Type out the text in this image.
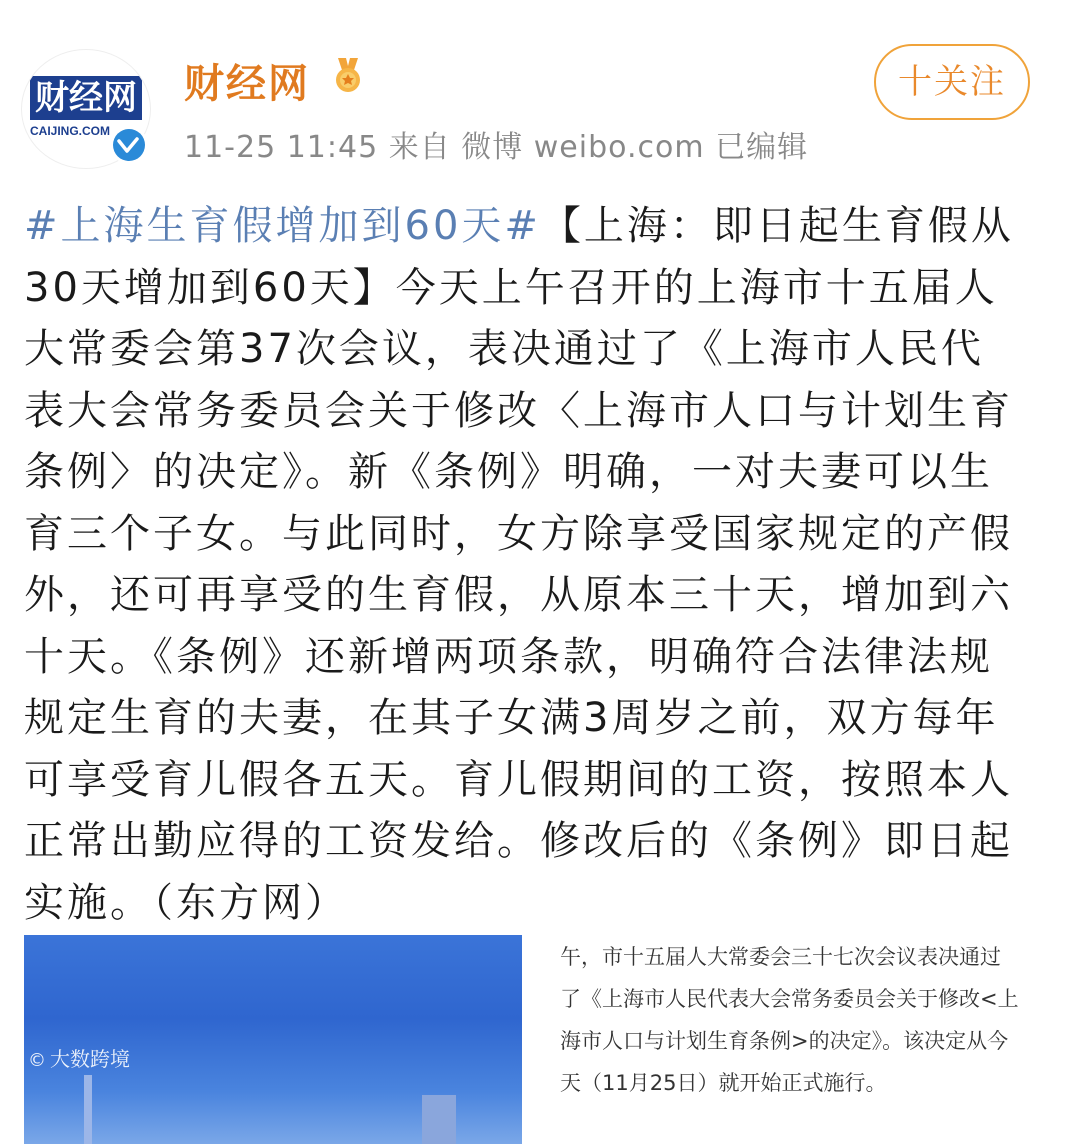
财经网
CAIJING.COM
财经网
11-25 11:45 来自 微博 weibo.com 已编辑
十关注
#上海生育假增加到60天#【上海：即日起生育假从30天增加到60天】今天上午召开的上海市十五届人大常委会第37次会议，表决通过了《上海市人民代表大会常务委员会关于修改〈上海市人口与计划生育条例〉的决定》。新《条例》明确，一对夫妻可以生育三个子女。与此同时，女方除享受国家规定的产假外，还可再享受的生育假，从原本三十天，增加到六十天。《条例》还新增两项条款，明确符合法律法规规定生育的夫妻，在其子女满3周岁之前，双方每年可享受育儿假各五天。育儿假期间的工资，按照本人正常出勤应得的工资发给。修改后的《条例》即日起实施。（东方网）
© 大数跨境
午，市十五届人大常委会三十七次会议表决通过了《上海市人民代表大会常务委员会关于修改<上海市人口与计划生育条例>的决定》。该决定从今天（11月25日）就开始正式施行。
